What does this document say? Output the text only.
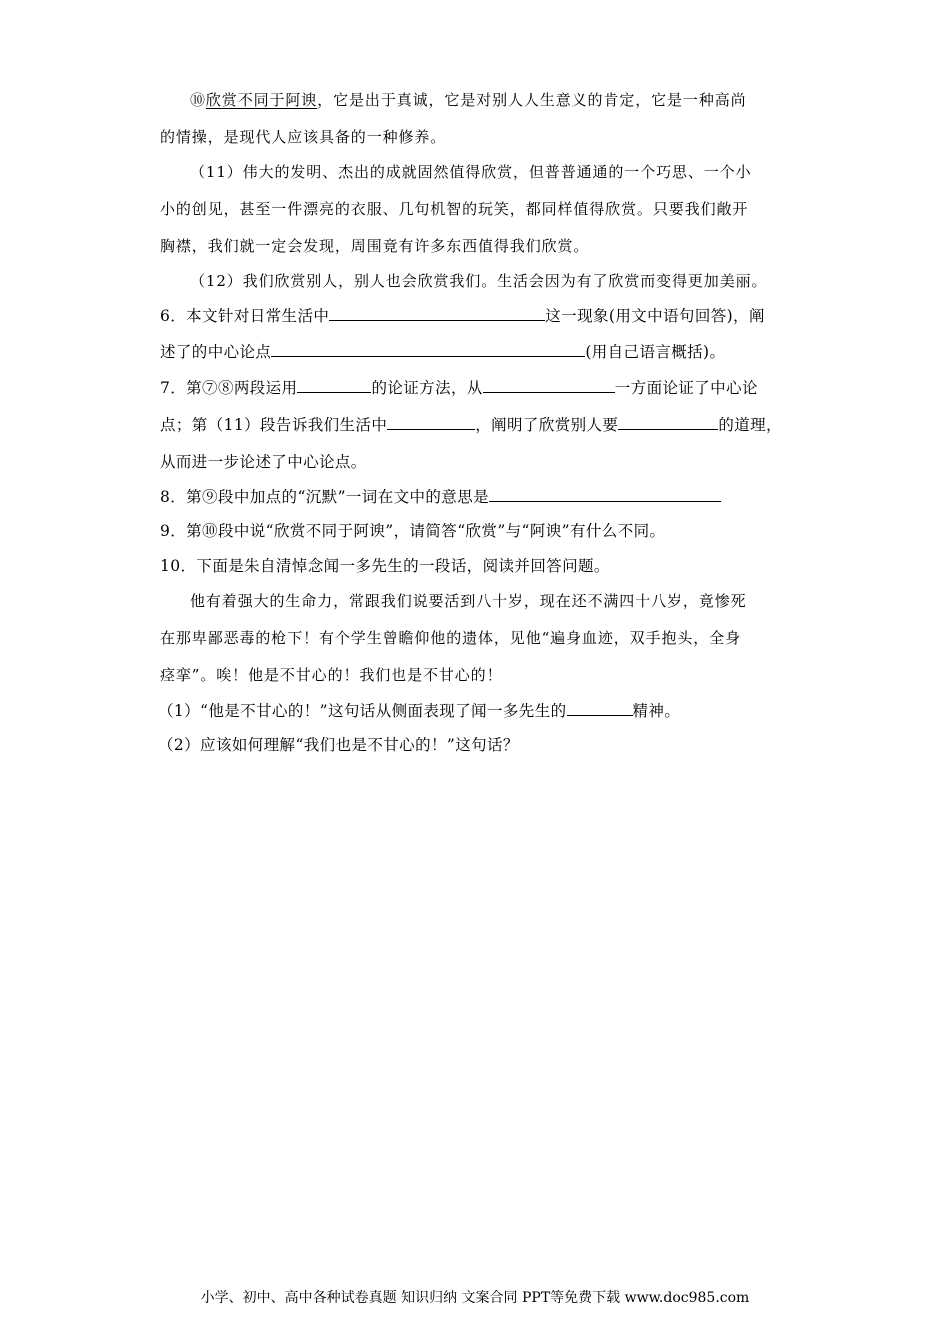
⑩欣赏不同于阿谀，它是出于真诚，它是对别人人生意义的肯定，它是一种高尚
的情操，是现代人应该具备的一种修养。
（11）伟大的发明、杰出的成就固然值得欣赏，但普普通通的一个巧思、一个小
小的创见，甚至一件漂亮的衣服、几句机智的玩笑，都同样值得欣赏。只要我们敞开
胸襟，我们就一定会发现，周围竟有许多东西值得我们欣赏。
（12）我们欣赏别人，别人也会欣赏我们。生活会因为有了欣赏而变得更加美丽。
6．本文针对日常生活中	这一现象(用文中语句回答)，阐
述了的中心论点	(用自己语言概括)。
7．第⑦⑧两段运用	的论证方法，从	一方面论证了中心论
点；第（11）段告诉我们生活中	，阐明了欣赏别人要	的道理，
从而进一步论述了中心论点。
8．第⑨段中加点的“沉默”一词在文中的意思是
9．第⑩段中说“欣赏不同于阿谀”，请简答“欣赏”与“阿谀”有什么不同。
10．下面是朱自清悼念闻一多先生的一段话，阅读并回答问题。
他有着强大的生命力，常跟我们说要活到八十岁，现在还不满四十八岁，竟惨死
在那卑鄙恶毒的枪下！有个学生曾瞻仰他的遗体，见他“遍身血迹，双手抱头，全身
痉挛”。唉！他是不甘心的！我们也是不甘心的！
（1）“他是不甘心的！”这句话从侧面表现了闻一多先生的	精神。
（2）应该如何理解“我们也是不甘心的！”这句话？
小学、初中、高中各种试卷真题 知识归纳 文案合同 PPT等免费下载 www.doc985.com
